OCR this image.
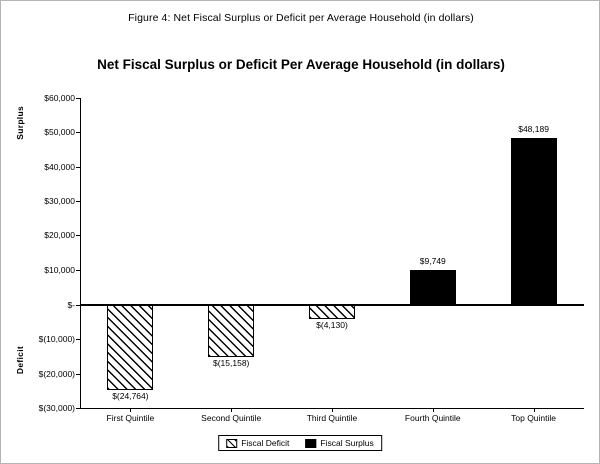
Figure 4: Net Fiscal Surplus or Deficit per Average Household (in dollars)
Net Fiscal Surplus or Deficit Per Average Household (in dollars)
Surplus
Deficit
$60,000
$50,000
$40,000
$30,000
$20,000
$10,000
$-
$(10,000)
$(20,000)
$(30,000)
$(24,764)
First Quintile
$(15,158)
Second Quintile
$(4,130)
Third Quintile
$9,749
Fourth Quintile
$48,189
Top Quintile
Fiscal Deficit	Fiscal Surplus
